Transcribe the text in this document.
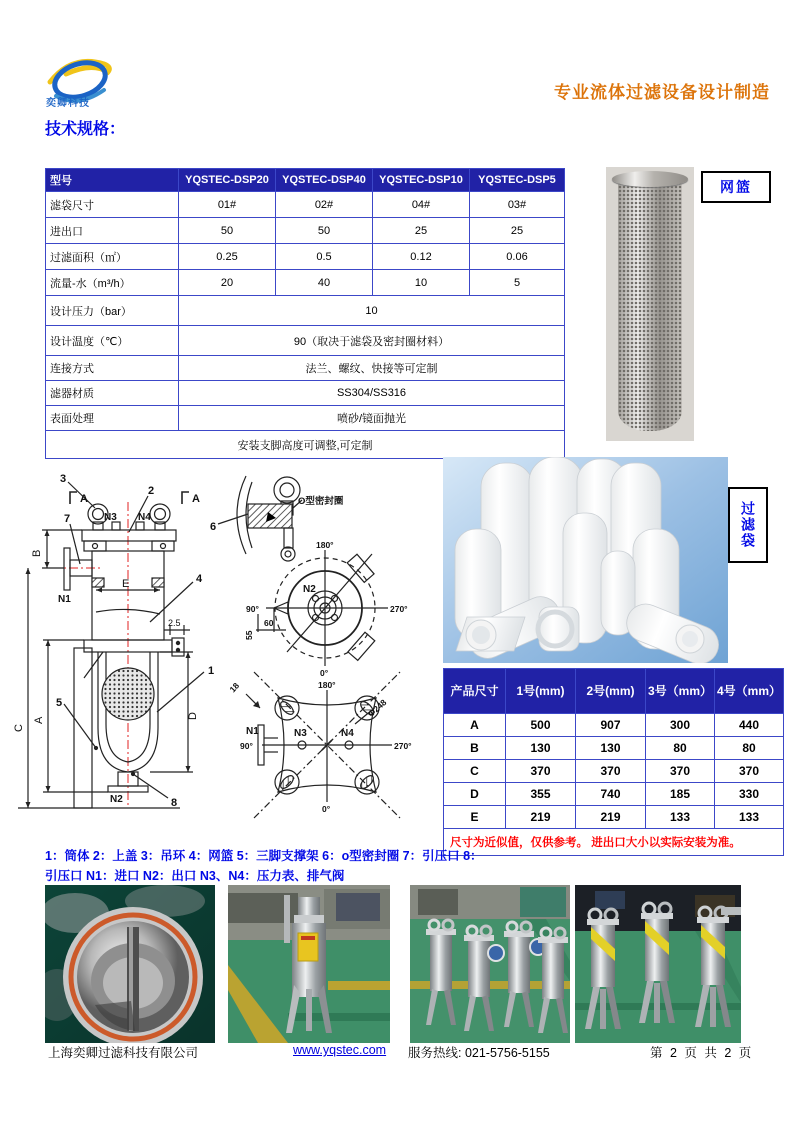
奕卿科技
专业流体过滤设备设计制造
技术规格：
型号	YQSTEC-DSP20	YQSTEC-DSP40	YQSTEC-DSP10	YQSTEC-DSP5
滤袋尺寸	01#	02#	04#	03#
进出口	50	50	25	25
过滤面积（㎡）	0.25	0.5	0.12	0.06
流量-水（m³/h）	20	40	10	5
设计压力（bar）	10			
设计温度（℃）	90（取决于滤袋及密封圈材料）			
连接方式	法兰、螺纹、快接等可定制			
滤器材质	SS304/SS316			
表面处理	喷砂/镜面抛光			
安装支脚高度可调整,可定制				
网篮
3
2
7
4
1
5
8
6
A	A
N3 N4
N1
N2
N2
N1	N3	N4
B
A
C
D
E
2.5
O型密封圈
180°
270°
90°
0°
55
60
180°
270°
90°
0°
Φ248
18
过滤袋
产品尺寸	1号(mm)	2号(mm)	3号（mm）	4号（mm）
A	500	907	300	440
B	130	130	80	80
C	370	370	370	370
D	355	740	185	330
E	219	219	133	133
尺寸为近似值，仅供参考。 进出口大小以实际安装为准。				
1：筒体 2：上盖 3：吊环 4：网篮 5：三脚支撑架 6：o型密封圈 7：引压口 8：
引压口 N1：进口 N2：出口 N3、N4：压力表、排气阀
上海奕卿过滤科技有限公司	www.yqstec.com 服务热线: 021-5756-5155	第 2 页 共 2 页
